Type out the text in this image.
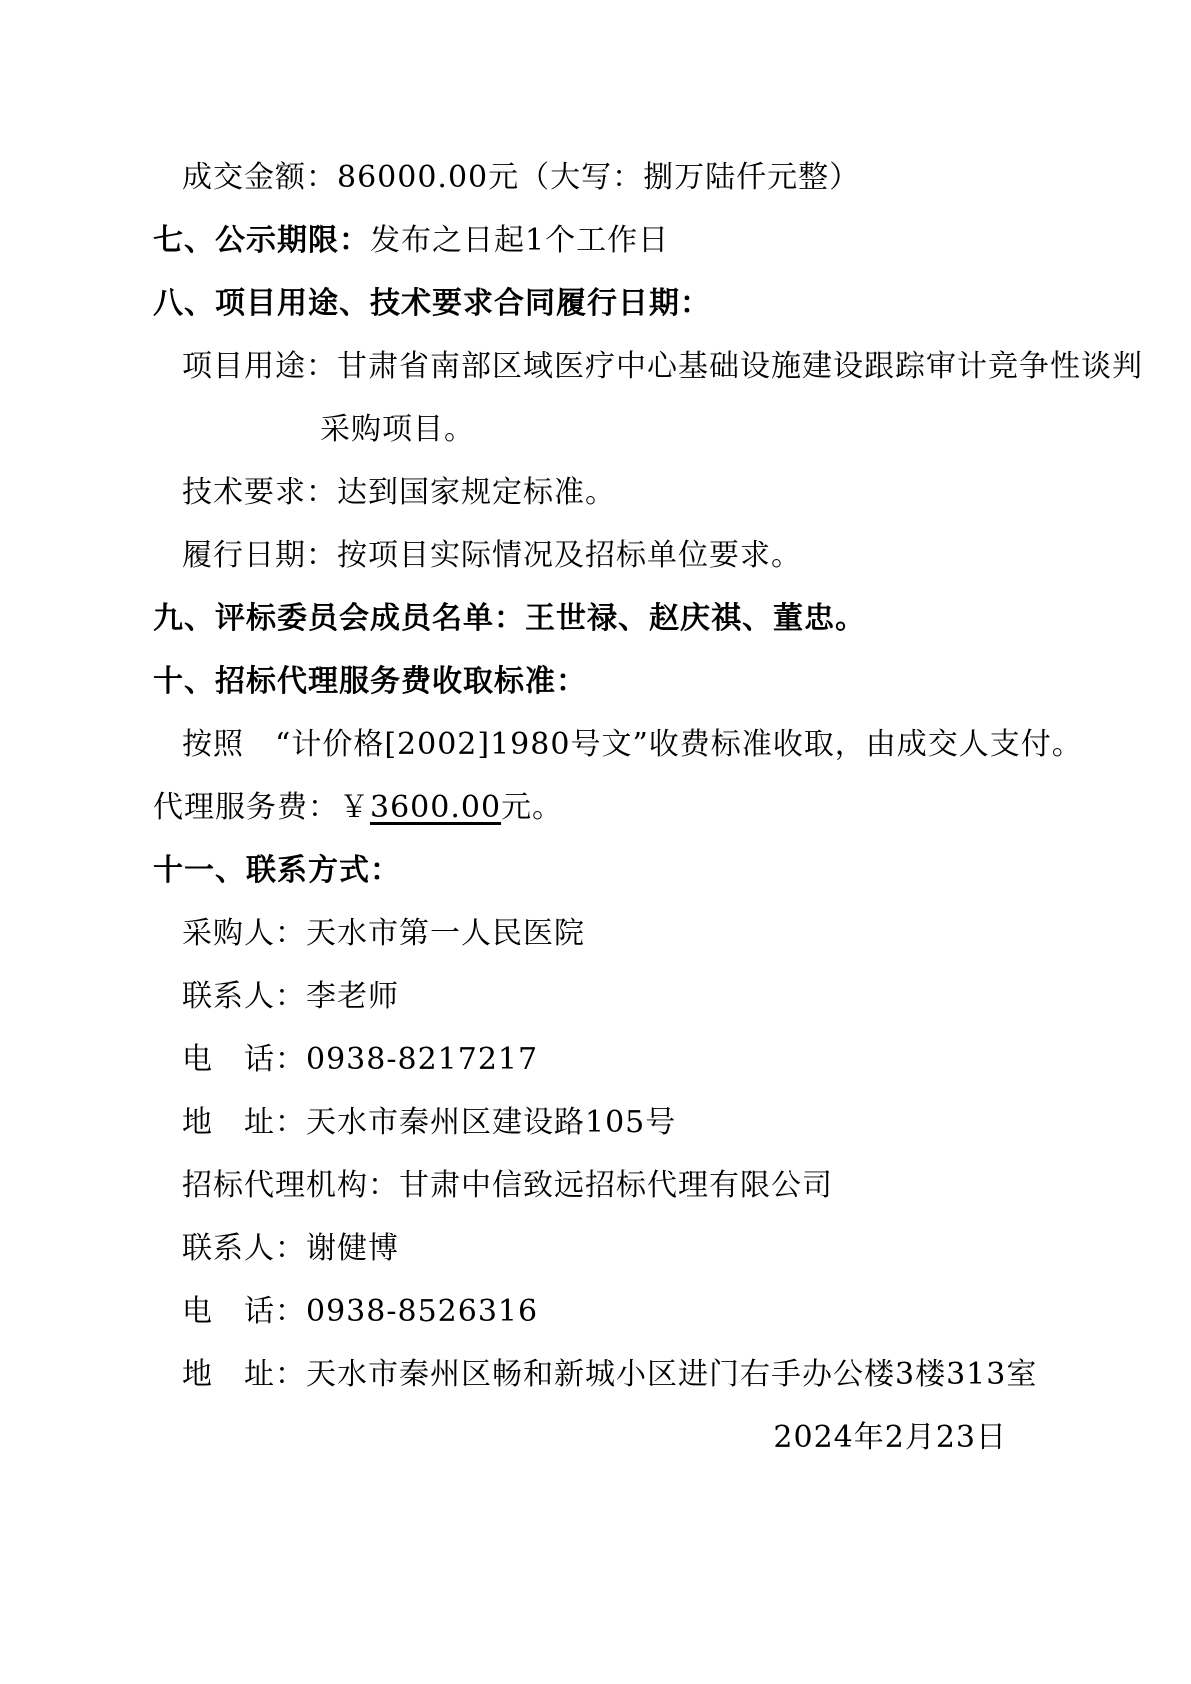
成交金额：86000.00元（大写：捌万陆仟元整）
七、公示期限：发布之日起1个工作日
八、项目用途、技术要求合同履行日期：
项目用途：甘肃省南部区域医疗中心基础设施建设跟踪审计竞争性谈判
采购项目。
技术要求：达到国家规定标准。
履行日期：按项目实际情况及招标单位要求。
九、评标委员会成员名单：王世禄、赵庆祺、董忠。
十、招标代理服务费收取标准：
按照　“计价格[2002]1980号文”收费标准收取，由成交人支付。
代理服务费：￥3600.00元。
十一、联系方式：
采购人：天水市第一人民医院
联系人：李老师
电　话：0938-8217217
地　址：天水市秦州区建设路105号
招标代理机构：甘肃中信致远招标代理有限公司
联系人：谢健博
电　话：0938-8526316
地　址：天水市秦州区畅和新城小区进门右手办公楼3楼313室
2024年2月23日
